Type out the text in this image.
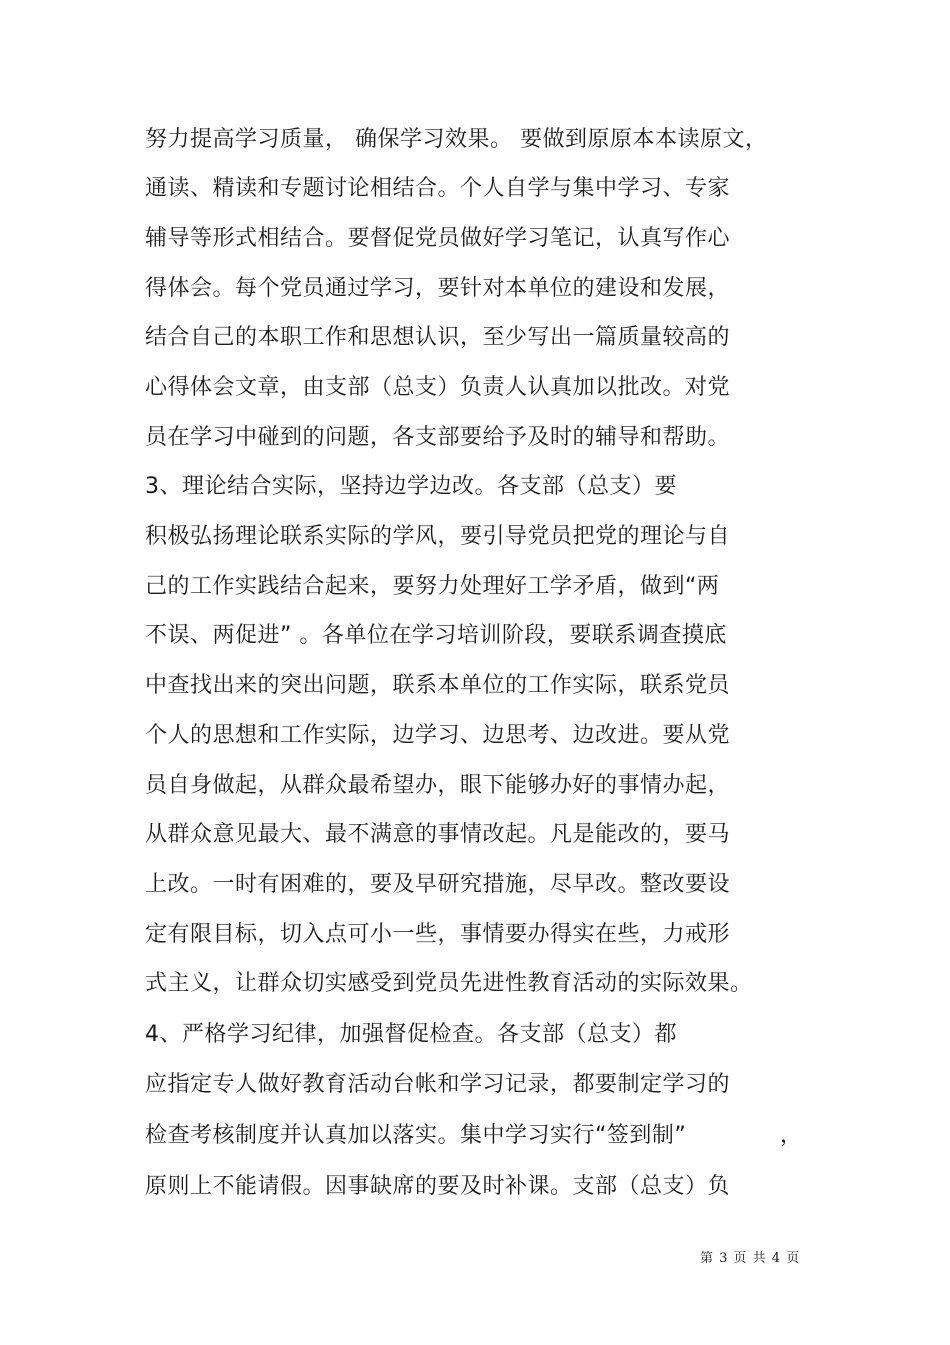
努力提高学习质量， 确保学习效果。 要做到原原本本读原文，
通读、精读和专题讨论相结合。个人自学与集中学习、专家
辅导等形式相结合。要督促党员做好学习笔记，认真写作心
得体会。每个党员通过学习，要针对本单位的建设和发展，
结合自己的本职工作和思想认识，至少写出一篇质量较高的
心得体会文章，由支部（总支）负责人认真加以批改。对党
员在学习中碰到的问题，各支部要给予及时的辅导和帮助。
3、理论结合实际，坚持边学边改。各支部（总支）要
积极弘扬理论联系实际的学风，要引导党员把党的理论与自
己的工作实践结合起来，要努力处理好工学矛盾，做到“两
不误、两促进” 。各单位在学习培训阶段，要联系调查摸底
中查找出来的突出问题，联系本单位的工作实际，联系党员
个人的思想和工作实际，边学习、边思考、边改进。要从党
员自身做起，从群众最希望办，眼下能够办好的事情办起，
从群众意见最大、最不满意的事情改起。凡是能改的，要马
上改。一时有困难的，要及早研究措施，尽早改。整改要设
定有限目标，切入点可小一些，事情要办得实在些，力戒形
式主义，让群众切实感受到党员先进性教育活动的实际效果。
4、严格学习纪律，加强督促检查。各支部（总支）都
应指定专人做好教育活动台帐和学习记录，都要制定学习的
检查考核制度并认真加以落实。集中学习实行“签到制”	，
原则上不能请假。因事缺席的要及时补课。支部（总支）负
第 3 页 共 4 页
